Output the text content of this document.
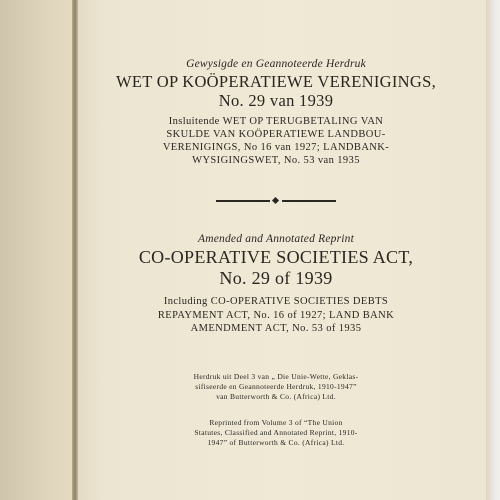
Gewysigde en Geannoteerde Herdruk
WET OP KOÖPERATIEWE VERENIGINGS,
No. 29 van 1939
Insluitende WET OP TERUGBETALING VAN
SKULDE VAN KOÖPERATIEWE LANDBOU-
VERENIGINGS, No 16 van 1927; LANDBANK-
WYSIGINGSWET, No. 53 van 1935
Amended and Annotated Reprint
CO-OPERATIVE SOCIETIES ACT,
No. 29 of 1939
Including CO-OPERATIVE SOCIETIES DEBTS
REPAYMENT ACT, No. 16 of 1927; LAND BANK
AMENDMENT ACT, No. 53 of 1935
Herdruk uit Deel 3 van „ Die Unie-Wette, Geklas-
sifiseerde en Geannoteerde Herdruk, 1910-1947”
van Butterworth & Co. (Africa) Ltd.
Reprinted from Volume 3 of “The Union
Statutes, Classified and Annotated Reprint, 1910-
1947” of Butterworth & Co. (Africa) Ltd.
